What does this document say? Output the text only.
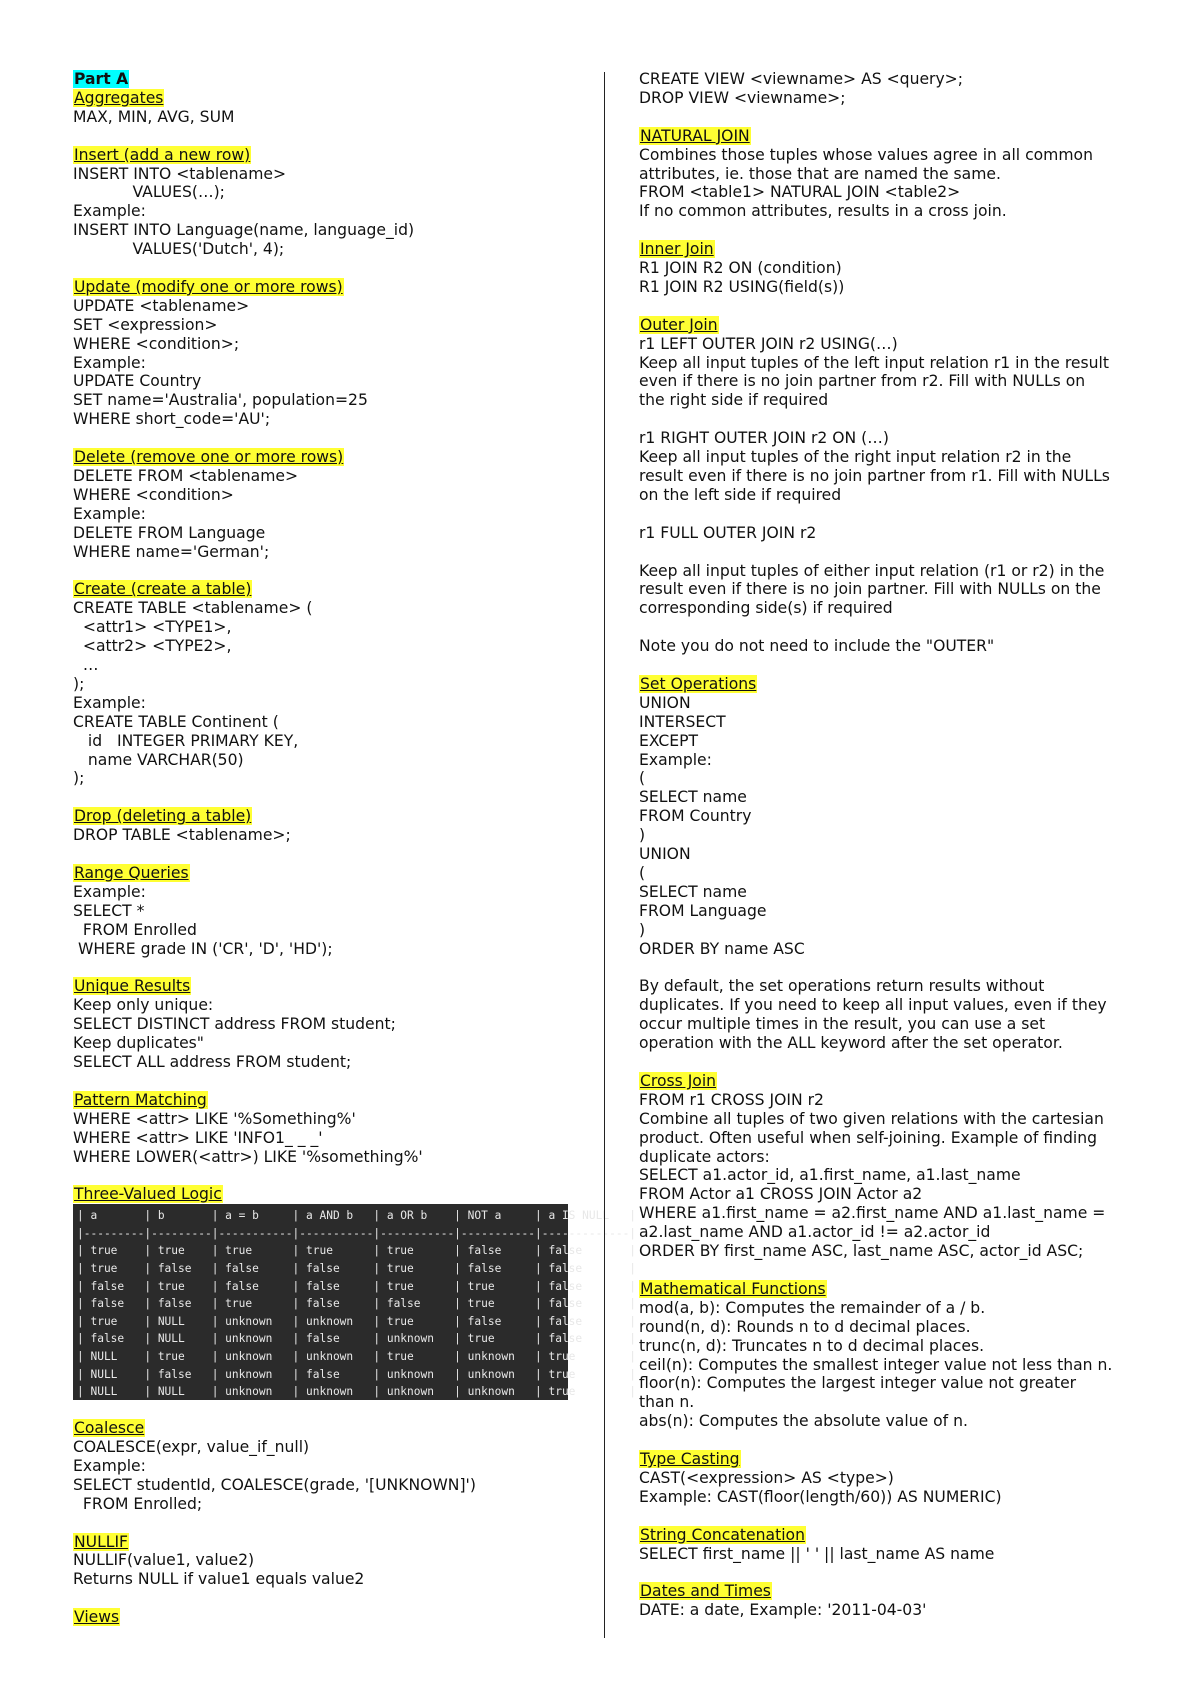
Part A
Aggregates
MAX, MIN, AVG, SUM
Insert (add a new row)
INSERT INTO <tablename>
VALUES(…);
Example:
INSERT INTO Language(name, language_id)
VALUES('Dutch', 4);
Update (modify one or more rows)
UPDATE <tablename>
SET <expression>
WHERE <condition>;
Example:
UPDATE Country
SET name='Australia', population=25
WHERE short_code='AU';
Delete (remove one or more rows)
DELETE FROM <tablename>
WHERE <condition>
Example:
DELETE FROM Language
WHERE name='German';
Create (create a table)
CREATE TABLE <tablename> (
<attr1> <TYPE1>,
<attr2> <TYPE2>,
…
);
Example:
CREATE TABLE Continent (
id   INTEGER PRIMARY KEY,
name VARCHAR(50)
);
Drop (deleting a table)
DROP TABLE <tablename>;
Range Queries
Example:
SELECT *
FROM Enrolled
WHERE grade IN ('CR', 'D', 'HD');
Unique Results
Keep only unique:
SELECT DISTINCT address FROM student;
Keep duplicates"
SELECT ALL address FROM student;
Pattern Matching
WHERE <attr> LIKE '%Something%'
WHERE <attr> LIKE 'INFO1_ _ _'
WHERE LOWER(<attr>) LIKE '%something%'
Three-Valued Logic
| a       | b       | a = b     | a AND b   | a OR b    | NOT a     | a IS NULL   |
|---------|---------|-----------|-----------|-----------|-----------|-------------|
| true    | true    | true      | true      | true      | false     | false       |
| true    | false   | false     | false     | true      | false     | false       |
| false   | true    | false     | false     | true      | true      | false       |
| false   | false   | true      | false     | false     | true      | false       |
| true    | NULL    | unknown   | unknown   | true      | false     | false       |
| false   | NULL    | unknown   | false     | unknown   | true      | false       |
| NULL    | true    | unknown   | unknown   | true      | unknown   | true        |
| NULL    | false   | unknown   | false     | unknown   | unknown   | true        |
| NULL    | NULL    | unknown   | unknown   | unknown   | unknown   | true        |
Coalesce
COALESCE(expr, value_if_null)
Example:
SELECT studentId, COALESCE(grade, '[UNKNOWN]')
FROM Enrolled;
NULLIF
NULLIF(value1, value2)
Returns NULL if value1 equals value2
Views
CREATE VIEW <viewname> AS <query>;
DROP VIEW <viewname>;
NATURAL JOIN
Combines those tuples whose values agree in all common
attributes, ie. those that are named the same.
FROM <table1> NATURAL JOIN <table2>
If no common attributes, results in a cross join.
Inner Join
R1 JOIN R2 ON (condition)
R1 JOIN R2 USING(field(s))
Outer Join
r1 LEFT OUTER JOIN r2 USING(…)
Keep all input tuples of the left input relation r1 in the result
even if there is no join partner from r2. Fill with NULLs on
the right side if required

r1 RIGHT OUTER JOIN r2 ON (…)
Keep all input tuples of the right input relation r2 in the
result even if there is no join partner from r1. Fill with NULLs
on the left side if required

r1 FULL OUTER JOIN r2

Keep all input tuples of either input relation (r1 or r2) in the
result even if there is no join partner. Fill with NULLs on the
corresponding side(s) if required

Note you do not need to include the "OUTER"
Set Operations
UNION
INTERSECT
EXCEPT
Example:
(
SELECT name
FROM Country
)
UNION
(
SELECT name
FROM Language
)
ORDER BY name ASC

By default, the set operations return results without
duplicates. If you need to keep all input values, even if they
occur multiple times in the result, you can use a set
operation with the ALL keyword after the set operator.
Cross Join
FROM r1 CROSS JOIN r2
Combine all tuples of two given relations with the cartesian
product. Often useful when self-joining. Example of finding
duplicate actors:
SELECT a1.actor_id, a1.first_name, a1.last_name
FROM Actor a1 CROSS JOIN Actor a2
WHERE a1.first_name = a2.first_name AND a1.last_name =
a2.last_name AND a1.actor_id != a2.actor_id
ORDER BY first_name ASC, last_name ASC, actor_id ASC;
Mathematical Functions
mod(a, b): Computes the remainder of a / b.
round(n, d): Rounds n to d decimal places.
trunc(n, d): Truncates n to d decimal places.
ceil(n): Computes the smallest integer value not less than n.
floor(n): Computes the largest integer value not greater
than n.
abs(n): Computes the absolute value of n.
Type Casting
CAST(<expression> AS <type>)
Example: CAST(floor(length/60)) AS NUMERIC)
String Concatenation
SELECT first_name || ' ' || last_name AS name
Dates and Times
DATE: a date, Example: '2011-04-03'
